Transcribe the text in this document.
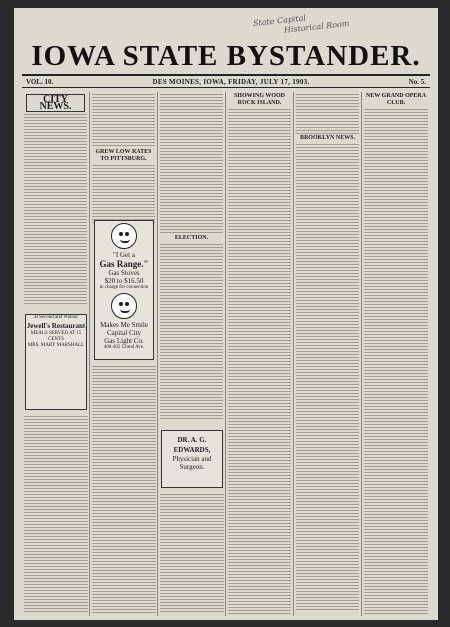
State Capital
Historical Room
IOWA STATE BYSTANDER.
VOL. 10.	DES MOINES, IOWA, FRIDAY, JULY 17, 1903.	No. 5.
CITY NEWS.
at Second and Walnut
Jewell's Restaurant
MEALS SERVED AT 15 CENTS
MRS. MARY MARSHALL
GREW LOW RATES TO PITTSBURG.
"I Get a
Gas Range."
Gas Stoves
$20 to $16.50
in charge for connection
Makes Me Smile
Capital City
Gas Light Co.
400-402 Grand Ave.
ELECTION.
DR. A. G. EDWARDS,
Physician and Surgeon.
SHOWING WOOD ROCK ISLAND.
BROOKLYN NEWS.
NEW GRAND OPERA CLUB.
